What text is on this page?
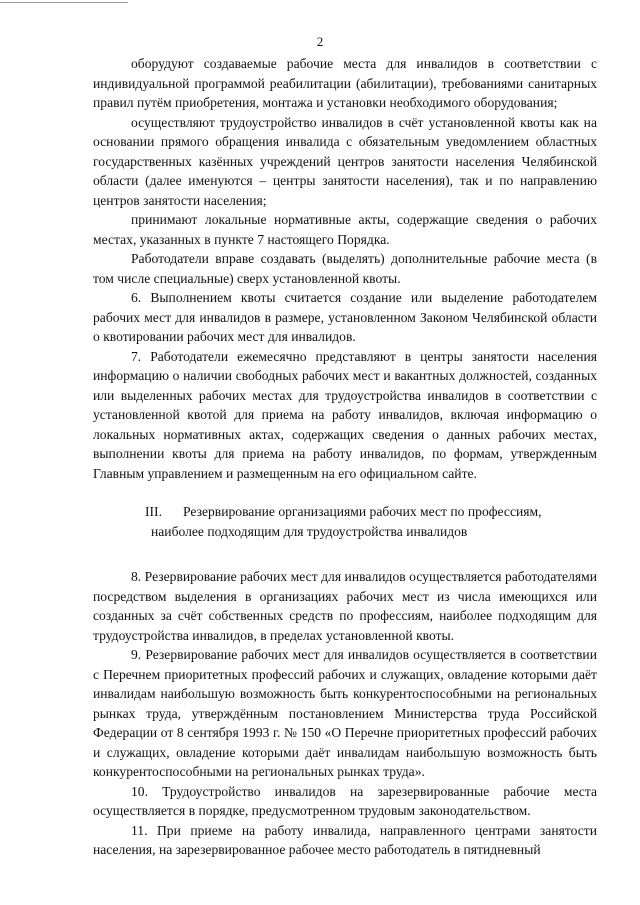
2

оборудуют создаваемые рабочие места для инвалидов в соответствии с индивидуальной программой реабилитации (абилитации), требованиями санитарных правил путём приобретения, монтажа и установки необходимого оборудования;

осуществляют трудоустройство инвалидов в счёт установленной квоты как на основании прямого обращения инвалида с обязательным уведомлением областных государственных казённых учреждений центров занятости населения Челябинской области (далее именуются – центры занятости населения), так и по направлению центров занятости населения;

принимают локальные нормативные акты, содержащие сведения о рабочих местах, указанных в пункте 7 настоящего Порядка.

Работодатели вправе создавать (выделять) дополнительные рабочие места (в том числе специальные) сверх установленной квоты.

6. Выполнением квоты считается создание или выделение работодателем рабочих мест для инвалидов в размере, установленном Законом Челябинской области о квотировании рабочих мест для инвалидов.

7. Работодатели ежемесячно представляют в центры занятости населения информацию о наличии свободных рабочих мест и вакантных должностей, созданных или выделенных рабочих местах для трудоустройства инвалидов в соответствии с установленной квотой для приема на работу инвалидов, включая информацию о локальных нормативных актах, содержащих сведения о данных рабочих местах, выполнении квоты для приема на работу инвалидов, по формам, утвержденным Главным управлением и размещенным на его официальном сайте.

III. Резервирование организациями рабочих мест по профессиям,
наиболее подходящим для трудоустройства инвалидов

8. Резервирование рабочих мест для инвалидов осуществляется работодателями посредством выделения в организациях рабочих мест из числа имеющихся или созданных за счёт собственных средств по профессиям, наиболее подходящим для трудоустройства инвалидов, в пределах установленной квоты.

9. Резервирование рабочих мест для инвалидов осуществляется в соответствии с Перечнем приоритетных профессий рабочих и служащих, овладение которыми даёт инвалидам наибольшую возможность быть конкурентоспособными на региональных рынках труда, утверждённым постановлением Министерства труда Российской Федерации от 8 сентября 1993 г. № 150 «О Перечне приоритетных профессий рабочих и служащих, овладение которыми даёт инвалидам наибольшую возможность быть конкурентоспособными на региональных рынках труда».

10. Трудоустройство инвалидов на зарезервированные рабочие места осуществляется в порядке, предусмотренном трудовым законодательством.

11. При приеме на работу инвалида, направленного центрами занятости населения, на зарезервированное рабочее место работодатель в пятидневный
